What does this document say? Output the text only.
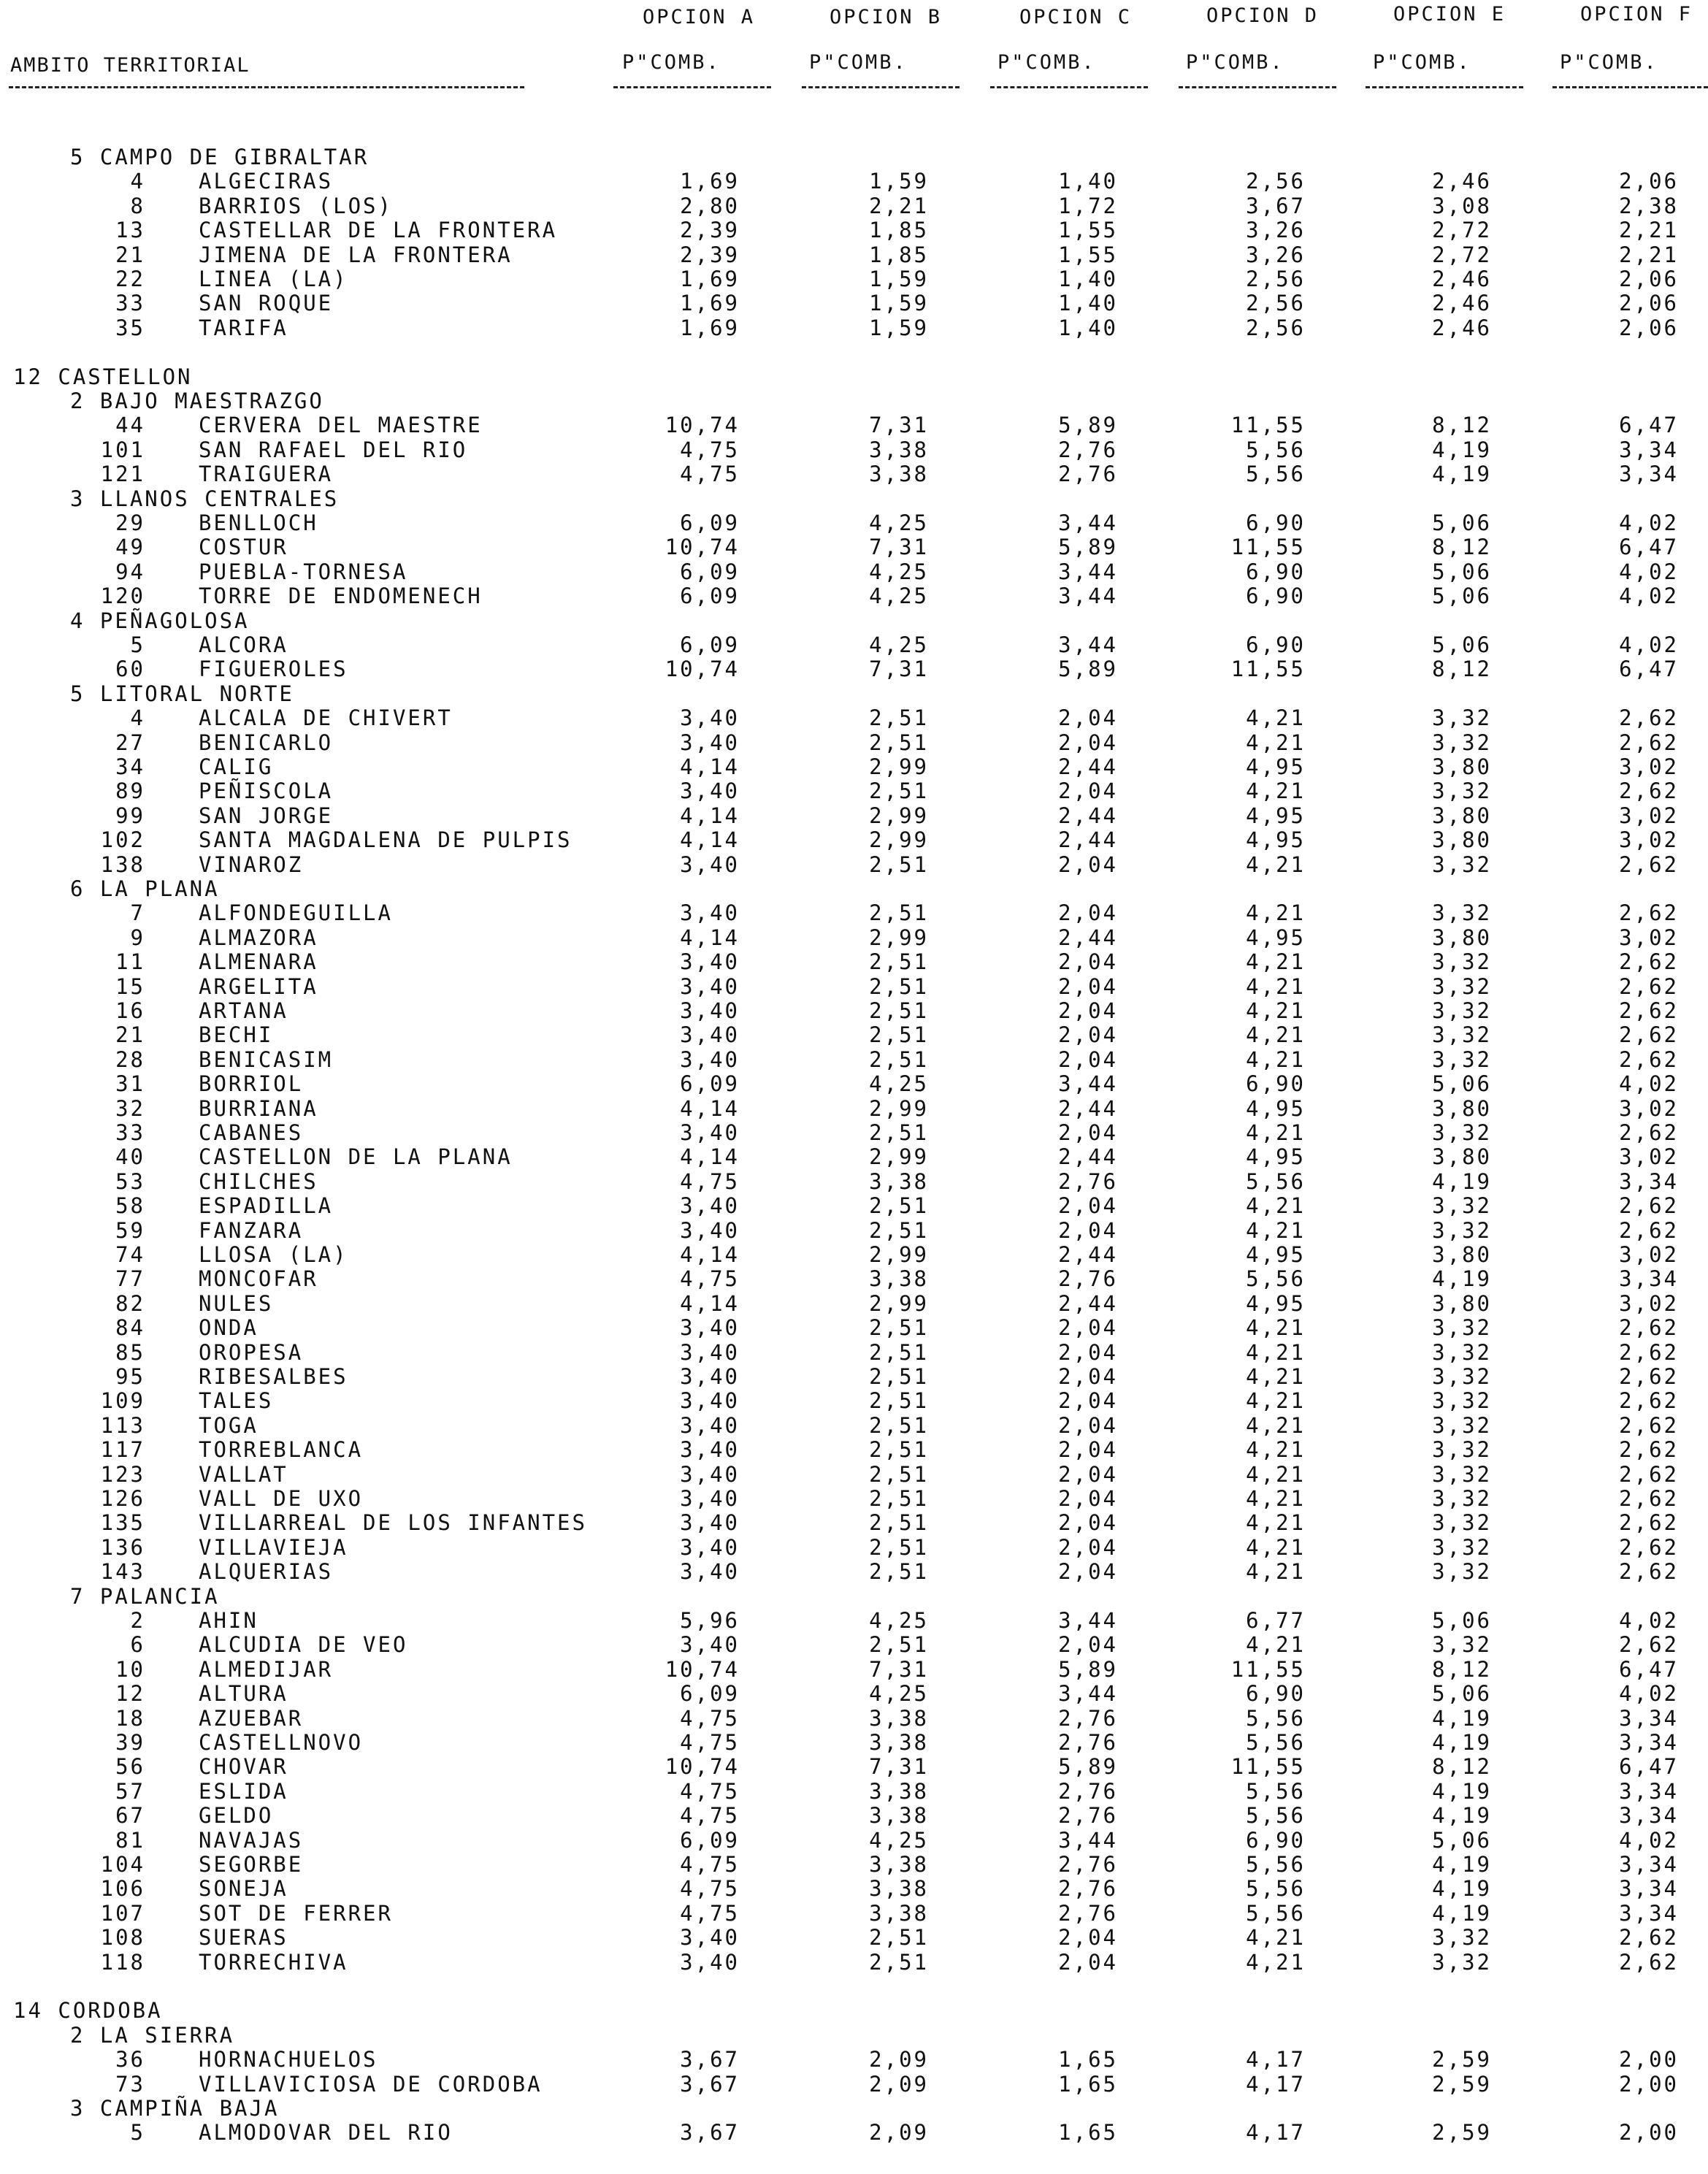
OPCION A	OPCION B	OPCION C	OPCION D	OPCION E	OPCION F
AMBITO TERRITORIAL	P"COMB.	P"COMB.	P"COMB.	P"COMB.	P"COMB.	P"COMB.
5 CAMPO DE GIBRALTAR
4	ALGECIRAS	1,69	1,59	1,40	2,56	2,46	2,06
8	BARRIOS (LOS)	2,80	2,21	1,72	3,67	3,08	2,38
13	CASTELLAR DE LA FRONTERA	2,39	1,85	1,55	3,26	2,72	2,21
21	JIMENA DE LA FRONTERA	2,39	1,85	1,55	3,26	2,72	2,21
22	LINEA (LA)	1,69	1,59	1,40	2,56	2,46	2,06
33	SAN ROQUE	1,69	1,59	1,40	2,56	2,46	2,06
35	TARIFA	1,69	1,59	1,40	2,56	2,46	2,06
12 CASTELLON
2 BAJO MAESTRAZGO
44	CERVERA DEL MAESTRE	10,74	7,31	5,89	11,55	8,12	6,47
101	SAN RAFAEL DEL RIO	4,75	3,38	2,76	5,56	4,19	3,34
121	TRAIGUERA	4,75	3,38	2,76	5,56	4,19	3,34
3 LLANOS CENTRALES
29	BENLLOCH	6,09	4,25	3,44	6,90	5,06	4,02
49	COSTUR	10,74	7,31	5,89	11,55	8,12	6,47
94	PUEBLA-TORNESA	6,09	4,25	3,44	6,90	5,06	4,02
120	TORRE DE ENDOMENECH	6,09	4,25	3,44	6,90	5,06	4,02
4 PEÑAGOLOSA
5	ALCORA	6,09	4,25	3,44	6,90	5,06	4,02
60	FIGUEROLES	10,74	7,31	5,89	11,55	8,12	6,47
5 LITORAL NORTE
4	ALCALA DE CHIVERT	3,40	2,51	2,04	4,21	3,32	2,62
27	BENICARLO	3,40	2,51	2,04	4,21	3,32	2,62
34	CALIG	4,14	2,99	2,44	4,95	3,80	3,02
89	PEÑISCOLA	3,40	2,51	2,04	4,21	3,32	2,62
99	SAN JORGE	4,14	2,99	2,44	4,95	3,80	3,02
102	SANTA MAGDALENA DE PULPIS	4,14	2,99	2,44	4,95	3,80	3,02
138	VINAROZ	3,40	2,51	2,04	4,21	3,32	2,62
6 LA PLANA
7	ALFONDEGUILLA	3,40	2,51	2,04	4,21	3,32	2,62
9	ALMAZORA	4,14	2,99	2,44	4,95	3,80	3,02
11	ALMENARA	3,40	2,51	2,04	4,21	3,32	2,62
15	ARGELITA	3,40	2,51	2,04	4,21	3,32	2,62
16	ARTANA	3,40	2,51	2,04	4,21	3,32	2,62
21	BECHI	3,40	2,51	2,04	4,21	3,32	2,62
28	BENICASIM	3,40	2,51	2,04	4,21	3,32	2,62
31	BORRIOL	6,09	4,25	3,44	6,90	5,06	4,02
32	BURRIANA	4,14	2,99	2,44	4,95	3,80	3,02
33	CABANES	3,40	2,51	2,04	4,21	3,32	2,62
40	CASTELLON DE LA PLANA	4,14	2,99	2,44	4,95	3,80	3,02
53	CHILCHES	4,75	3,38	2,76	5,56	4,19	3,34
58	ESPADILLA	3,40	2,51	2,04	4,21	3,32	2,62
59	FANZARA	3,40	2,51	2,04	4,21	3,32	2,62
74	LLOSA (LA)	4,14	2,99	2,44	4,95	3,80	3,02
77	MONCOFAR	4,75	3,38	2,76	5,56	4,19	3,34
82	NULES	4,14	2,99	2,44	4,95	3,80	3,02
84	ONDA	3,40	2,51	2,04	4,21	3,32	2,62
85	OROPESA	3,40	2,51	2,04	4,21	3,32	2,62
95	RIBESALBES	3,40	2,51	2,04	4,21	3,32	2,62
109	TALES	3,40	2,51	2,04	4,21	3,32	2,62
113	TOGA	3,40	2,51	2,04	4,21	3,32	2,62
117	TORREBLANCA	3,40	2,51	2,04	4,21	3,32	2,62
123	VALLAT	3,40	2,51	2,04	4,21	3,32	2,62
126	VALL DE UXO	3,40	2,51	2,04	4,21	3,32	2,62
135	VILLARREAL DE LOS INFANTES	3,40	2,51	2,04	4,21	3,32	2,62
136	VILLAVIEJA	3,40	2,51	2,04	4,21	3,32	2,62
143	ALQUERIAS	3,40	2,51	2,04	4,21	3,32	2,62
7 PALANCIA
2	AHIN	5,96	4,25	3,44	6,77	5,06	4,02
6	ALCUDIA DE VEO	3,40	2,51	2,04	4,21	3,32	2,62
10	ALMEDIJAR	10,74	7,31	5,89	11,55	8,12	6,47
12	ALTURA	6,09	4,25	3,44	6,90	5,06	4,02
18	AZUEBAR	4,75	3,38	2,76	5,56	4,19	3,34
39	CASTELLNOVO	4,75	3,38	2,76	5,56	4,19	3,34
56	CHOVAR	10,74	7,31	5,89	11,55	8,12	6,47
57	ESLIDA	4,75	3,38	2,76	5,56	4,19	3,34
67	GELDO	4,75	3,38	2,76	5,56	4,19	3,34
81	NAVAJAS	6,09	4,25	3,44	6,90	5,06	4,02
104	SEGORBE	4,75	3,38	2,76	5,56	4,19	3,34
106	SONEJA	4,75	3,38	2,76	5,56	4,19	3,34
107	SOT DE FERRER	4,75	3,38	2,76	5,56	4,19	3,34
108	SUERAS	3,40	2,51	2,04	4,21	3,32	2,62
118	TORRECHIVA	3,40	2,51	2,04	4,21	3,32	2,62
14 CORDOBA
2 LA SIERRA
36	HORNACHUELOS	3,67	2,09	1,65	4,17	2,59	2,00
73	VILLAVICIOSA DE CORDOBA	3,67	2,09	1,65	4,17	2,59	2,00
3 CAMPIÑA BAJA
5	ALMODOVAR DEL RIO	3,67	2,09	1,65	4,17	2,59	2,00
